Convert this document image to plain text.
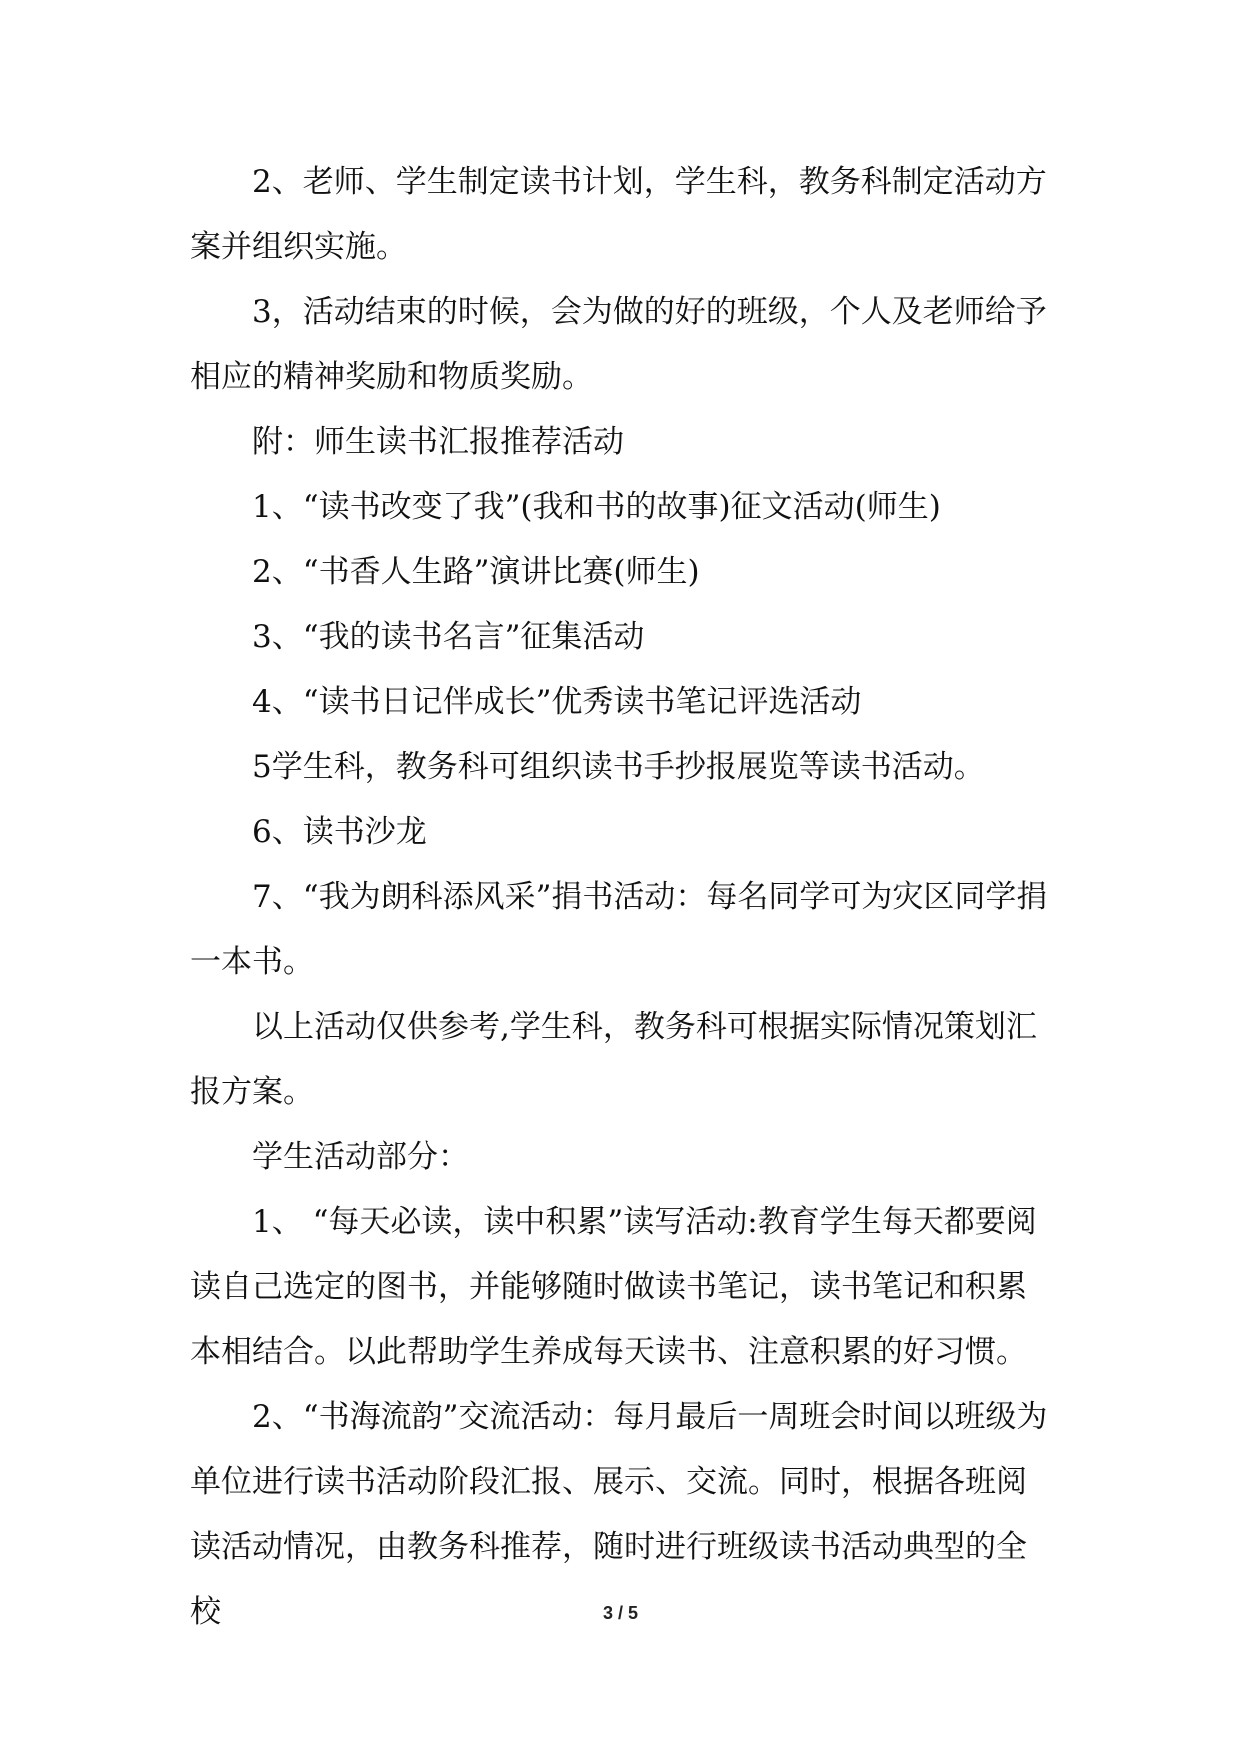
2、老师、学生制定读书计划，学生科，教务科制定活动方案并组织实施。

3，活动结束的时候，会为做的好的班级，个人及老师给予相应的精神奖励和物质奖励。

附：师生读书汇报推荐活动

1、“读书改变了我”(我和书的故事)征文活动(师生)

2、“书香人生路”演讲比赛(师生)

3、“我的读书名言”征集活动

4、“读书日记伴成长”优秀读书笔记评选活动

5学生科，教务科可组织读书手抄报展览等读书活动。

6、读书沙龙

7、“我为朗科添风采”捐书活动：每名同学可为灾区同学捐一本书。

以上活动仅供参考,学生科，教务科可根据实际情况策划汇报方案。

学生活动部分：

1、 “每天必读，读中积累”读写活动:教育学生每天都要阅读自己选定的图书，并能够随时做读书笔记，读书笔记和积累本相结合。以此帮助学生养成每天读书、注意积累的好习惯。

2、“书海流韵”交流活动：每月最后一周班会时间以班级为单位进行读书活动阶段汇报、展示、交流。同时，根据各班阅读活动情况，由教务科推荐，随时进行班级读书活动典型的全校	3 / 5
